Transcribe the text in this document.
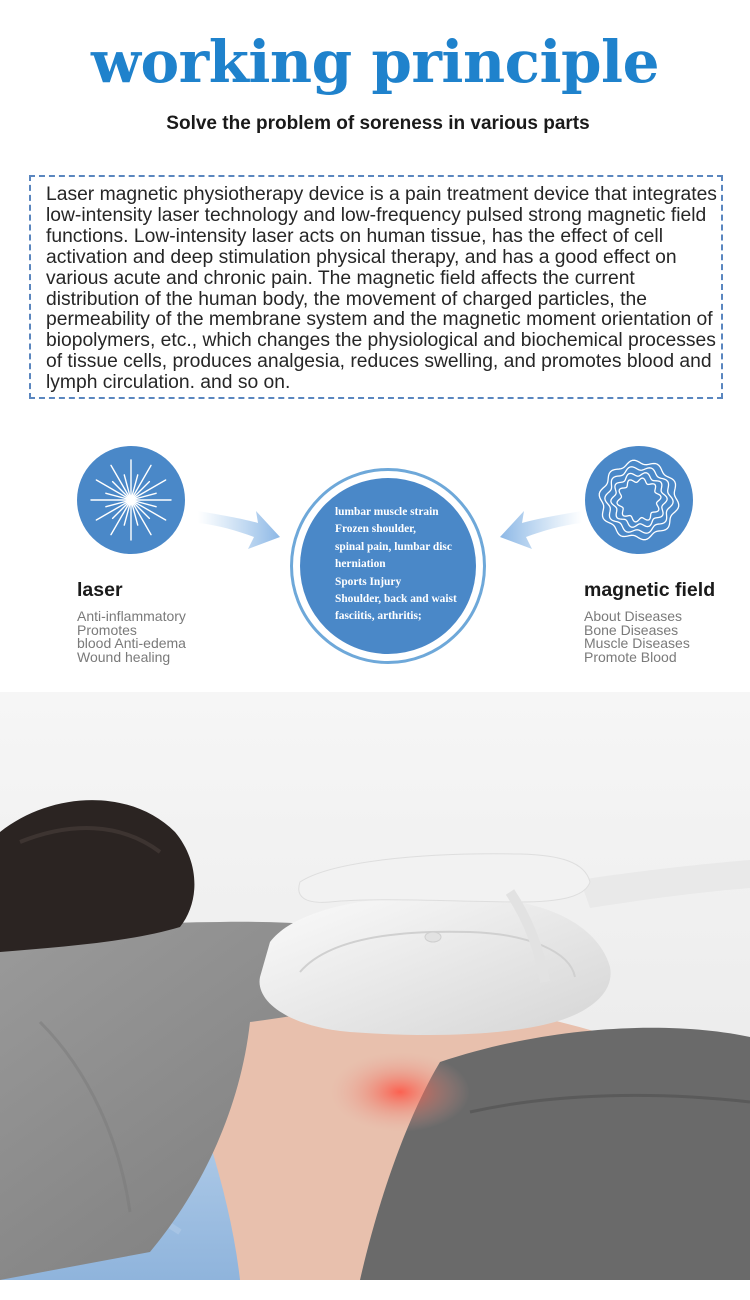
working principle
Solve the problem of soreness in various parts

Laser magnetic physiotherapy device is a pain treatment device that integrates low-intensity laser technology and low-frequency pulsed strong magnetic field functions. Low-intensity laser acts on human tissue, has the effect of cell activation and deep stimulation physical therapy, and has a good effect on various acute and chronic pain. The magnetic field affects the current distribution of the human body, the movement of charged particles, the permeability of the membrane system and the magnetic moment orientation of biopolymers, etc., which changes the physiological and biochemical processes of tissue cells, produces analgesia, reduces swelling, and promotes blood and lymph circulation. and so on.

lumbar muscle strain
Frozen shoulder,
spinal pain, lumbar disc
herniation
Sports Injury
Shoulder, back and waist
fasciitis, arthritis;
laser
Anti-inflammatory
Promotes
blood Anti-edema
Wound healing
magnetic field
About Diseases
Bone Diseases
Muscle Diseases
Promote Blood
